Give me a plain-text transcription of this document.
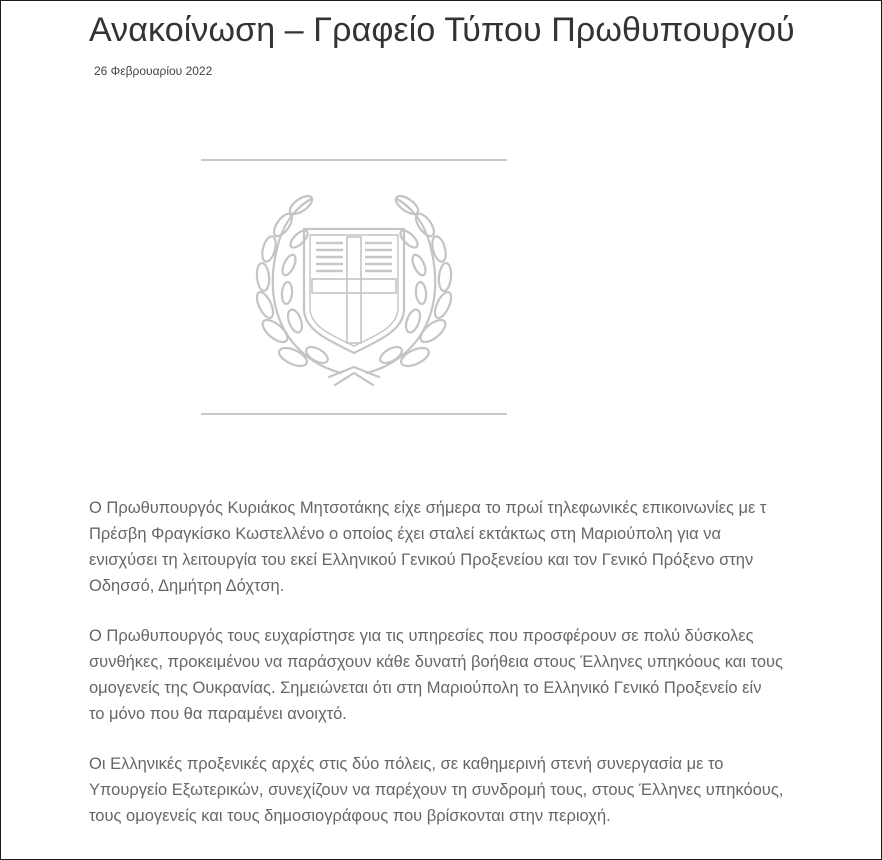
Ανακοίνωση – Γραφείο Τύπου Πρωθυπουργού
26 Φεβρουαρίου 2022

Ο Πρωθυπουργός Κυριάκος Μητσοτάκης είχε σήμερα το πρωί τηλεφωνικές επικοινωνίες με τ
Πρέσβη Φραγκίσκο Κωστελλένο ο οποίος έχει σταλεί εκτάκτως στη Μαριούπολη για να
ενισχύσει τη λειτουργία του εκεί Ελληνικού Γενικού Προξενείου και τον Γενικό Πρόξενο στην
Οδησσό, Δημήτρη Δόχτση.

Ο Πρωθυπουργός τους ευχαρίστησε για τις υπηρεσίες που προσφέρουν σε πολύ δύσκολες
συνθήκες, προκειμένου να παράσχουν κάθε δυνατή βοήθεια στους Έλληνες υπηκόους και τους
ομογενείς της Ουκρανίας. Σημειώνεται ότι στη Μαριούπολη το Ελληνικό Γενικό Προξενείο είν
το μόνο που θα παραμένει ανοιχτό.

Οι Ελληνικές προξενικές αρχές στις δύο πόλεις, σε καθημερινή στενή συνεργασία με το
Υπουργείο Εξωτερικών, συνεχίζουν να παρέχουν τη συνδρομή τους, στους Έλληνες υπηκόους,
τους ομογενείς και τους δημοσιογράφους που βρίσκονται στην περιοχή.
